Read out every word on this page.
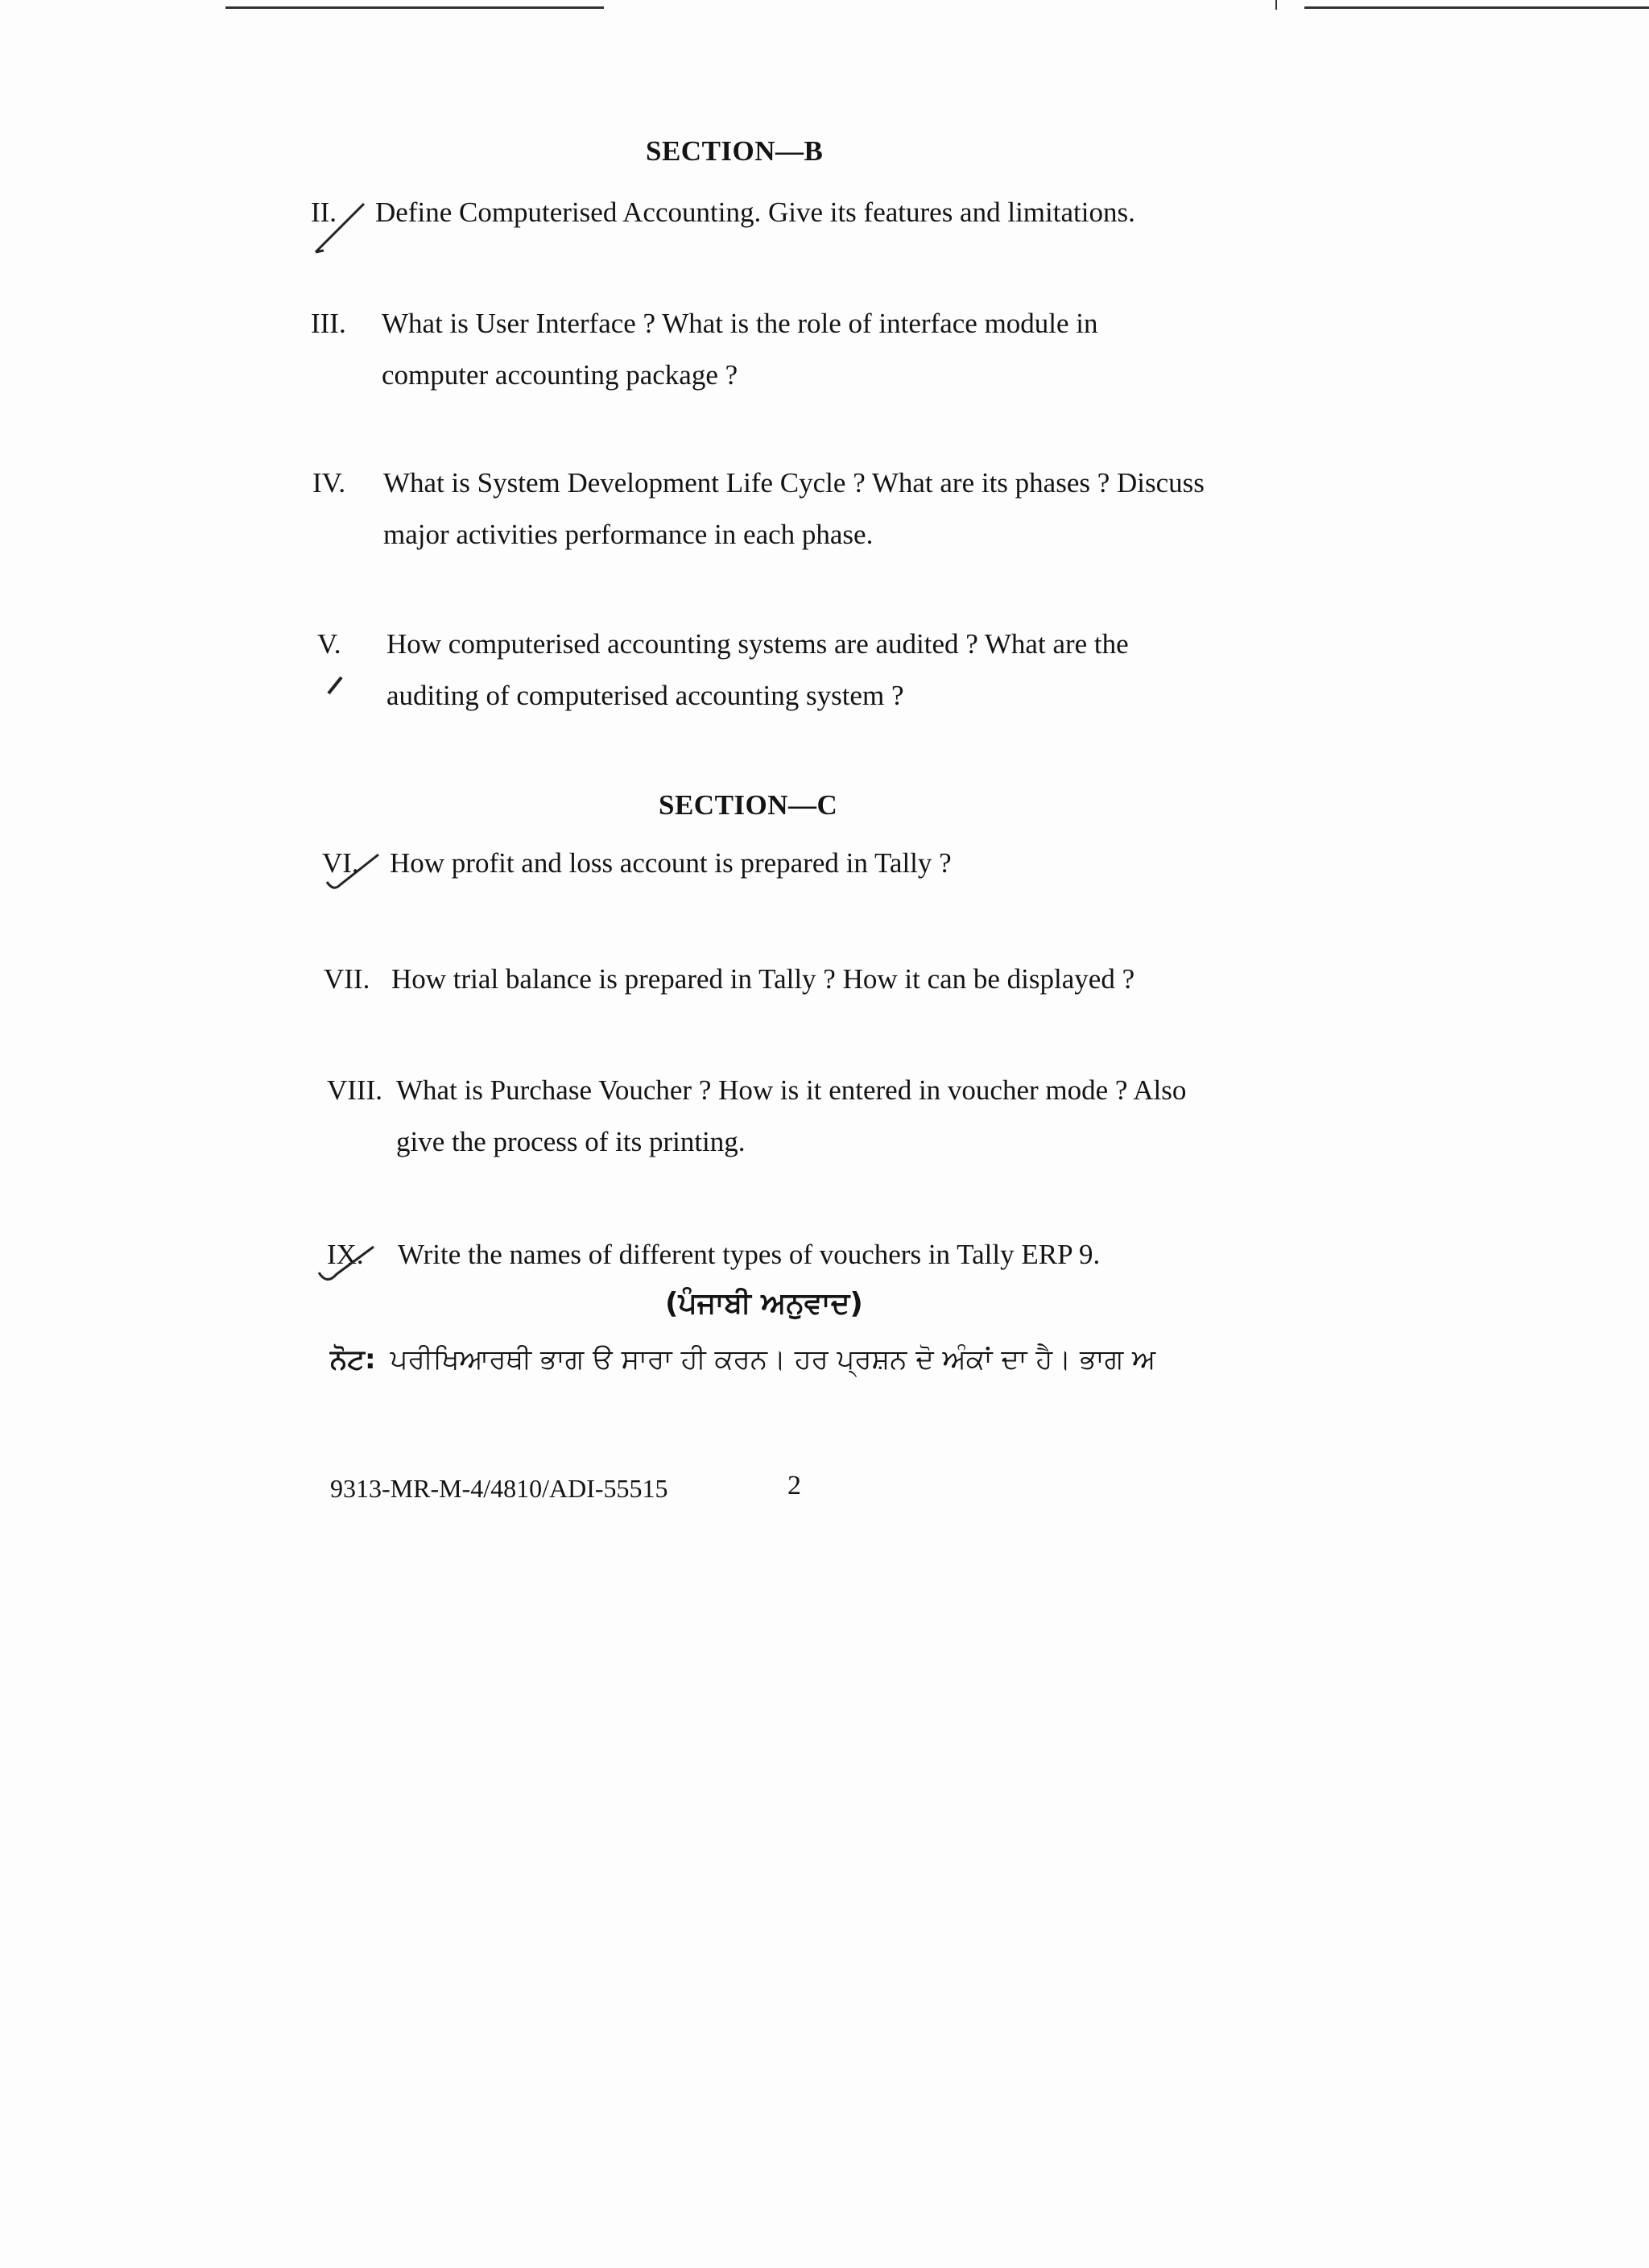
SECTION—B
II. Define Computerised Accounting. Give its features and limitations.
III. What is User Interface ? What is the role of interface module in computer accounting package ?
IV. What is System Development Life Cycle ? What are its phases ? Discuss major activities performance in each phase.
V. How computerised accounting systems are audited ? What are the auditing of computerised accounting system ?
SECTION—C
VI. How profit and loss account is prepared in Tally ?
VII. How trial balance is prepared in Tally ? How it can be displayed ?
VIII. What is Purchase Voucher ? How is it entered in voucher mode ? Also give the process of its printing.
IX. Write the names of different types of vouchers in Tally ERP 9.
(ਪੰਜਾਬੀ ਅਨੁਵਾਦ)
ਨੋਟ: ਪਰੀਖਿਆਰਥੀ ਭਾਗ ੳ ਸਾਰਾ ਹੀ ਕਰਨ। ਹਰ ਪ੍ਰਸ਼ਨ ਦੋ ਅੰਕਾਂ ਦਾ ਹੈ। ਭਾਗ ਅ
9313-MR-M-4/4810/ADI-55515	2
